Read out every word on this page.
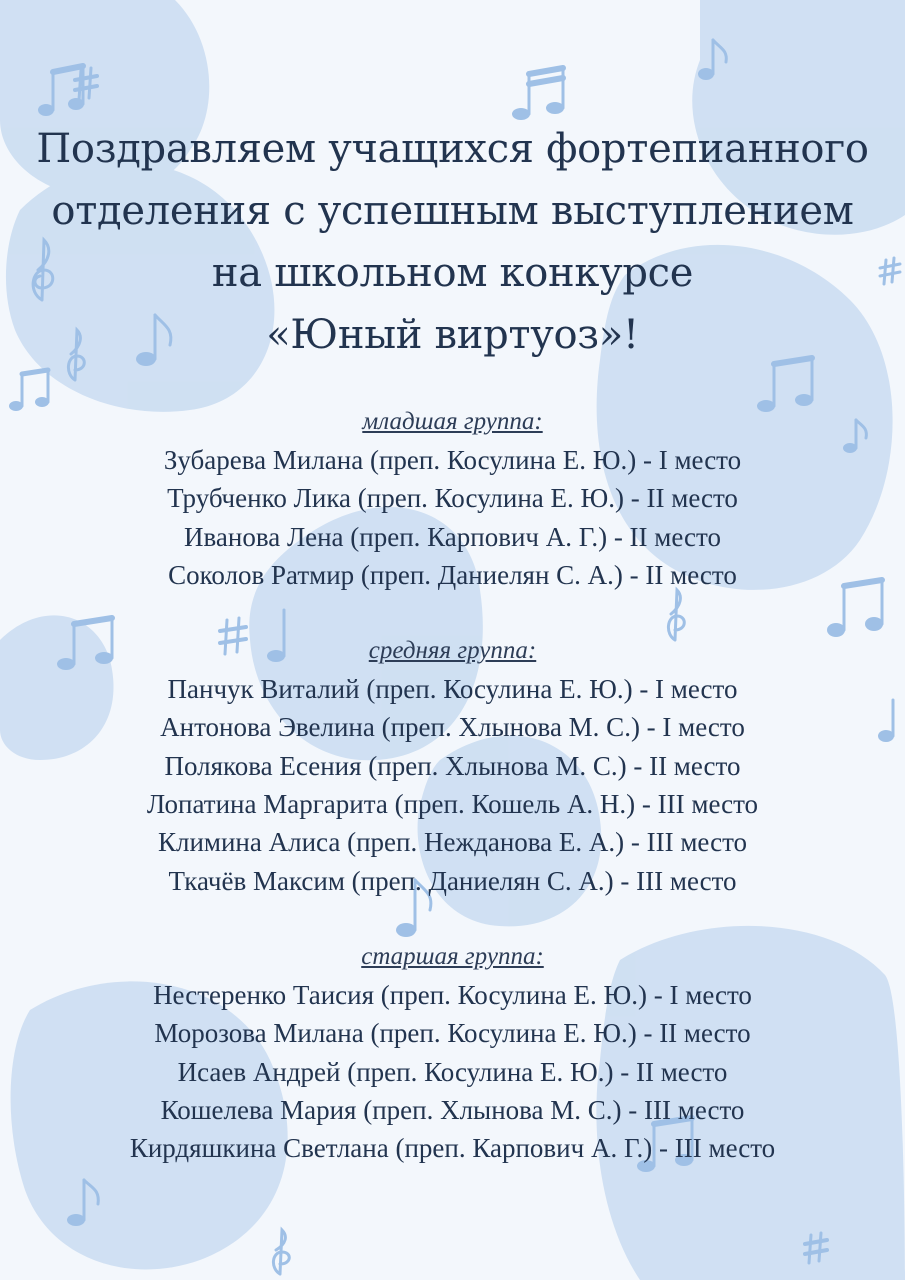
Поздравляем учащихся фортепианного
отделения с успешным выступлением
на школьном конкурсе
«Юный виртуоз»!
младшая группа:
Зубарева Милана (преп. Косулина Е. Ю.) - I место
Трубченко Лика (преп. Косулина Е. Ю.) - II место
Иванова Лена (преп. Карпович А. Г.) - II место
Соколов Ратмир (преп. Даниелян С. А.) - II место
средняя группа:
Панчук Виталий (преп. Косулина Е. Ю.) - I место
Антонова Эвелина (преп. Хлынова М. С.) - I место
Полякова Есения (преп. Хлынова М. С.) - II место
Лопатина Маргарита (преп. Кошель А. Н.) - III место
Климина Алиса (преп. Нежданова Е. А.) - III место
Ткачёв Максим (преп. Даниелян С. А.) - III место
старшая группа:
Нестеренко Таисия (преп. Косулина Е. Ю.) - I место
Морозова Милана (преп. Косулина Е. Ю.) - II место
Исаев Андрей (преп. Косулина Е. Ю.) - II место
Кошелева Мария (преп. Хлынова М. С.) - III место
Кирдяшкина Светлана (преп. Карпович А. Г.) - III место
